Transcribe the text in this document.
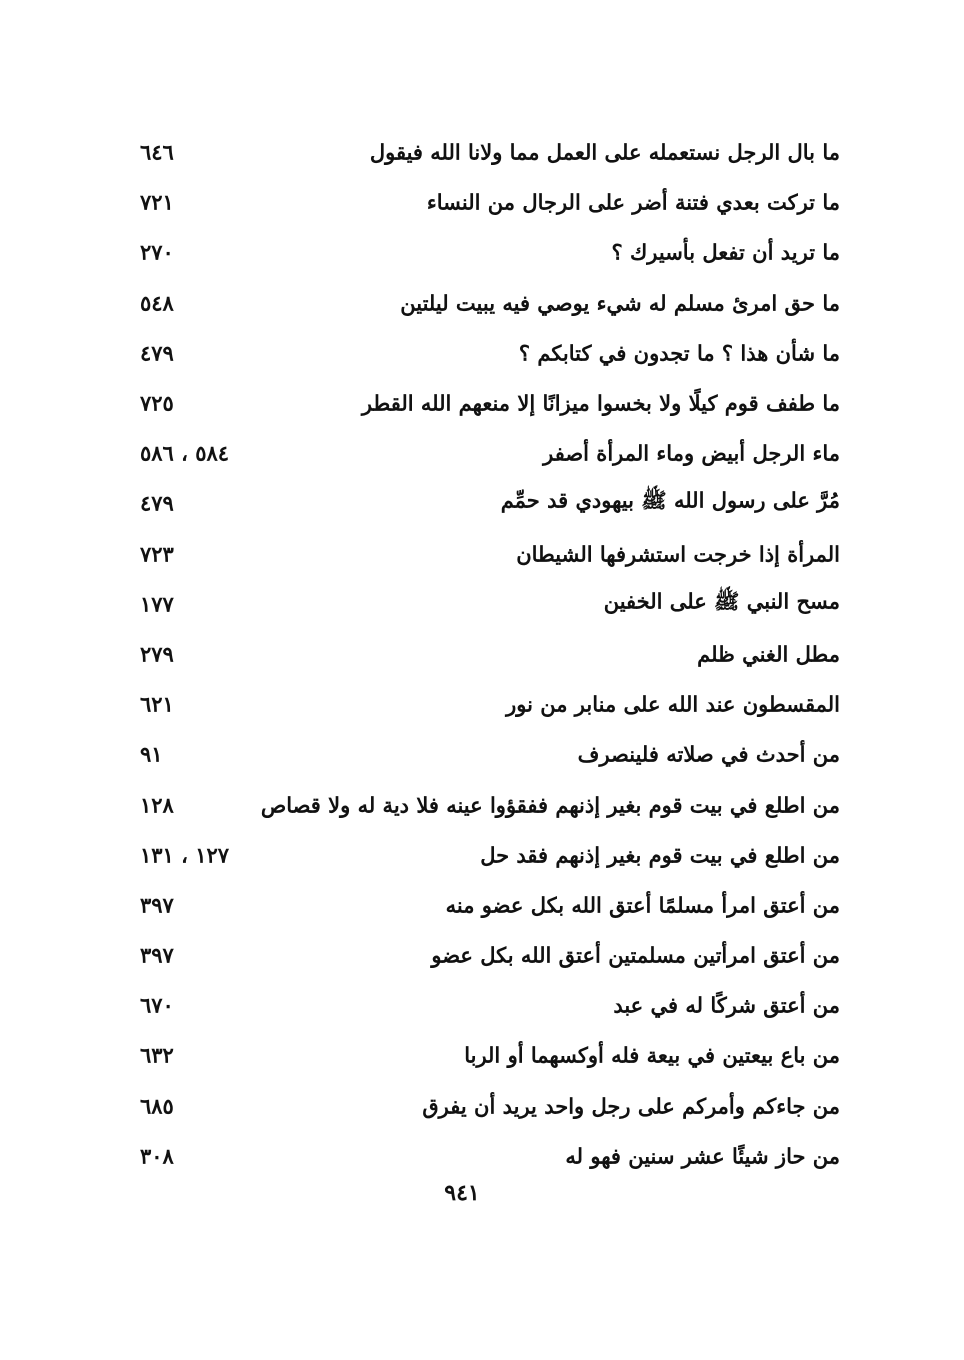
ما بال الرجل نستعمله على العمل مما ولانا الله فيقول
٦٤٦
ما تركت بعدي فتنة أضر على الرجال من النساء
٧٢١
ما تريد أن تفعل بأسيرك ؟
٢٧٠
ما حق امرئ مسلم له شيء يوصي فيه يبيت ليلتين
٥٤٨
ما شأن هذا ؟ ما تجدون في كتابكم ؟
٤٧٩
ما طفف قوم كيلًا ولا بخسوا ميزانًا إلا منعهم الله القطر
٧٢٥
ماء الرجل أبيض وماء المرأة أصفر
٥٨٤ ، ٥٨٦
مُرَّ على رسول الله ﷺ بيهودي قد حمِّم
٤٧٩
المرأة إذا خرجت استشرفها الشيطان
٧٢٣
مسح النبي ﷺ على الخفين
١٧٧
مطل الغني ظلم
٢٧٩
المقسطون عند الله على منابر من نور
٦٢١
من أحدث في صلاته فلينصرف
٩١
من اطلع في بيت قوم بغير إذنهم ففقؤوا عينه فلا دية له ولا قصاص
١٢٨
من اطلع في بيت قوم بغير إذنهم فقد حل
١٢٧ ، ١٣١
من أعتق امرأ مسلمًا أعتق الله بكل عضو منه
٣٩٧
من أعتق امرأتين مسلمتين أعتق الله بكل عضو
٣٩٧
من أعتق شركًا له في عبد
٦٧٠
من باع بيعتين في بيعة فله أوكسهما أو الربا
٦٣٢
من جاءكم وأمركم على رجل واحد يريد أن يفرق
٦٨٥
من حاز شيئًا عشر سنين فهو له
٣٠٨
٩٤١
